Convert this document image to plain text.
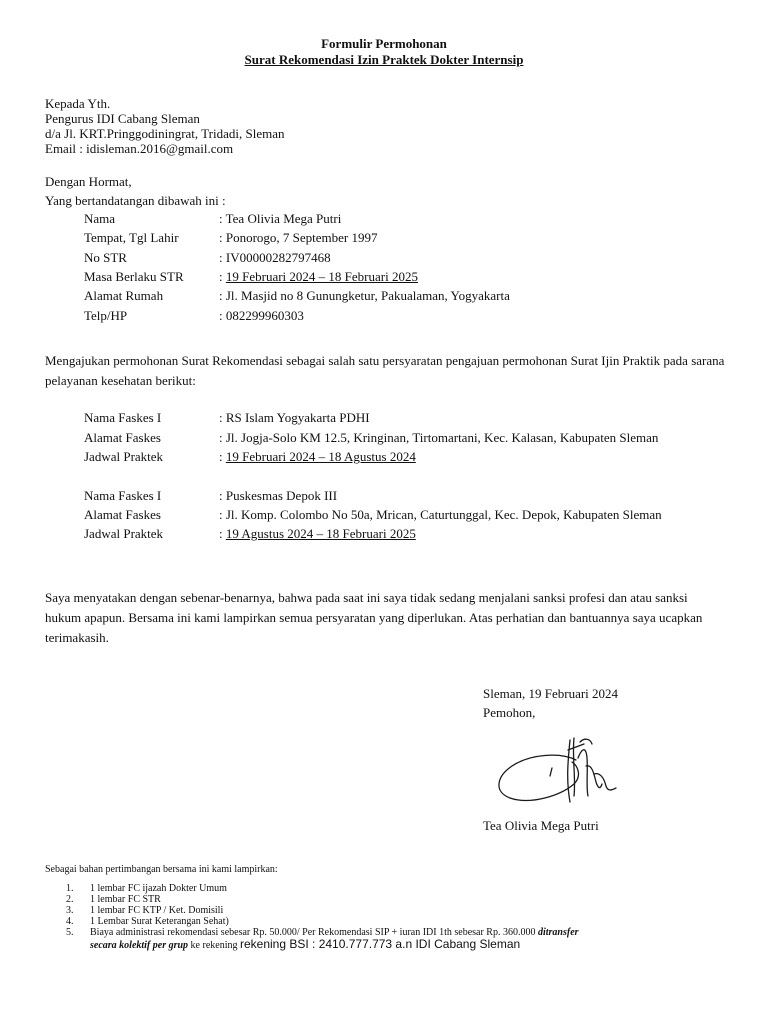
Formulir Permohonan
Surat Rekomendasi Izin Praktek Dokter Internsip
Kepada Yth.
Pengurus IDI Cabang Sleman
d/a Jl. KRT.Pringgodiningrat, Tridadi, Sleman
Email : idisleman.2016@gmail.com
Dengan Hormat,
Yang bertandatangan dibawah ini :
Nama	: Tea Olivia Mega Putri
Tempat, Tgl Lahir	: Ponorogo, 7 September 1997
No STR	: IV00000282797468
Masa Berlaku STR	: 19 Februari 2024 – 18 Februari 2025
Alamat Rumah	: Jl. Masjid no 8 Gunungketur, Pakualaman, Yogyakarta
Telp/HP	: 082299960303
Mengajukan permohonan Surat Rekomendasi sebagai salah satu persyaratan pengajuan permohonan Surat Ijin Praktik pada sarana pelayanan kesehatan berikut:
Nama Faskes I	: RS Islam Yogyakarta PDHI
Alamat Faskes	: Jl. Jogja-Solo KM 12.5, Kringinan, Tirtomartani, Kec. Kalasan, Kabupaten Sleman
Jadwal Praktek	: 19 Februari 2024 – 18 Agustus 2024
Nama Faskes I	: Puskesmas Depok III
Alamat Faskes	: Jl. Komp. Colombo No 50a, Mrican, Caturtunggal, Kec. Depok, Kabupaten Sleman
Jadwal Praktek	: 19 Agustus 2024 – 18 Februari 2025
Saya menyatakan dengan sebenar-benarnya, bahwa pada saat ini saya tidak sedang menjalani sanksi profesi dan atau sanksi hukum apapun. Bersama ini kami lampirkan semua persyaratan yang diperlukan. Atas perhatian dan bantuannya saya ucapkan terimakasih.
Sleman, 19 Februari 2024
Pemohon,
Tea Olivia Mega Putri
Sebagai bahan pertimbangan bersama ini kami lampirkan:
1. 1 lembar FC ijazah Dokter Umum
2. 1 lembar FC STR
3. 1 lembar FC KTP / Ket. Domisili
4. 1 Lembar Surat Keterangan Sehat)
5. Biaya administrasi rekomendasi sebesar Rp. 50.000/ Per Rekomendasi SIP + iuran IDI 1th sebesar Rp. 360.000 ditransfer
secara kolektif per grup ke rekening rekening BSI : 2410.777.773 a.n IDI Cabang Sleman
